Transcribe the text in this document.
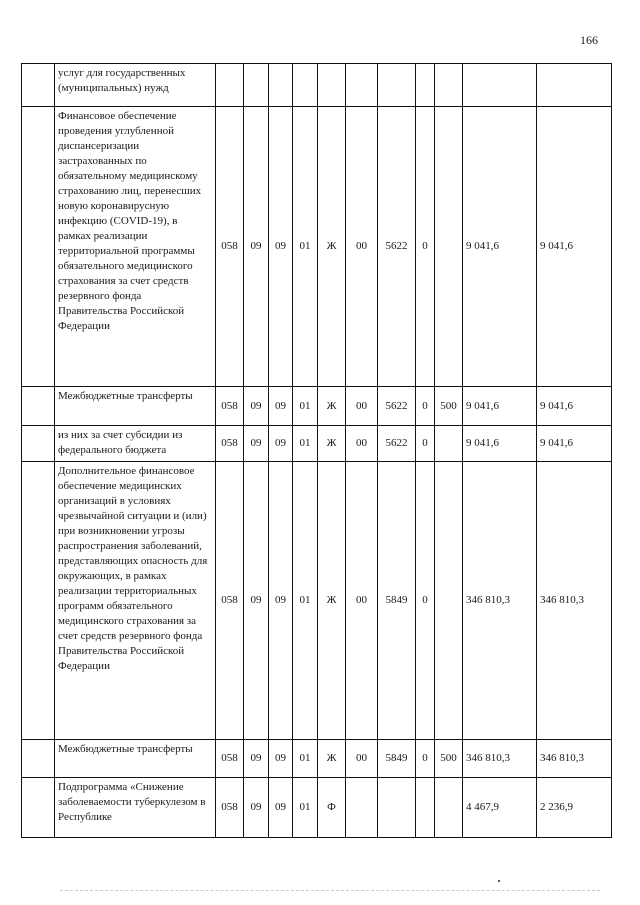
166
	услуг для государственных (муниципальных) нужд											
	Финансовое обеспечение проведения углубленной диспансеризации застрахованных по обязательному медицинскому страхованию лиц, перенесших новую коронавирусную инфекцию (COVID-19), в рамках реализации территориальной программы обязательного медицинского страхования за счет средств резервного фонда Правительства Российской Федерации	058	09	09	01	Ж	00	5622	0		9 041,6	9 041,6
	Межбюджетные трансферты	058	09	09	01	Ж	00	5622	0	500	9 041,6	9 041,6
	из них за счет субсидии из федерального бюджета	058	09	09	01	Ж	00	5622	0		9 041,6	9 041,6
	Дополнительное финансовое обеспечение медицинских организаций в условиях чрезвычайной ситуации и (или) при возникновении угрозы распространения заболеваний, представляющих опасность для окружающих, в рамках реализации территориальных программ обязательного медицинского страхования за счет средств резервного фонда Правительства Российской Федерации	058	09	09	01	Ж	00	5849	0		346 810,3	346 810,3
	Межбюджетные трансферты	058	09	09	01	Ж	00	5849	0	500	346 810,3	346 810,3
	Подпрограмма «Снижение заболеваемости туберкулезом в Республике	058	09	09	01	Ф					4 467,9	2 236,9
